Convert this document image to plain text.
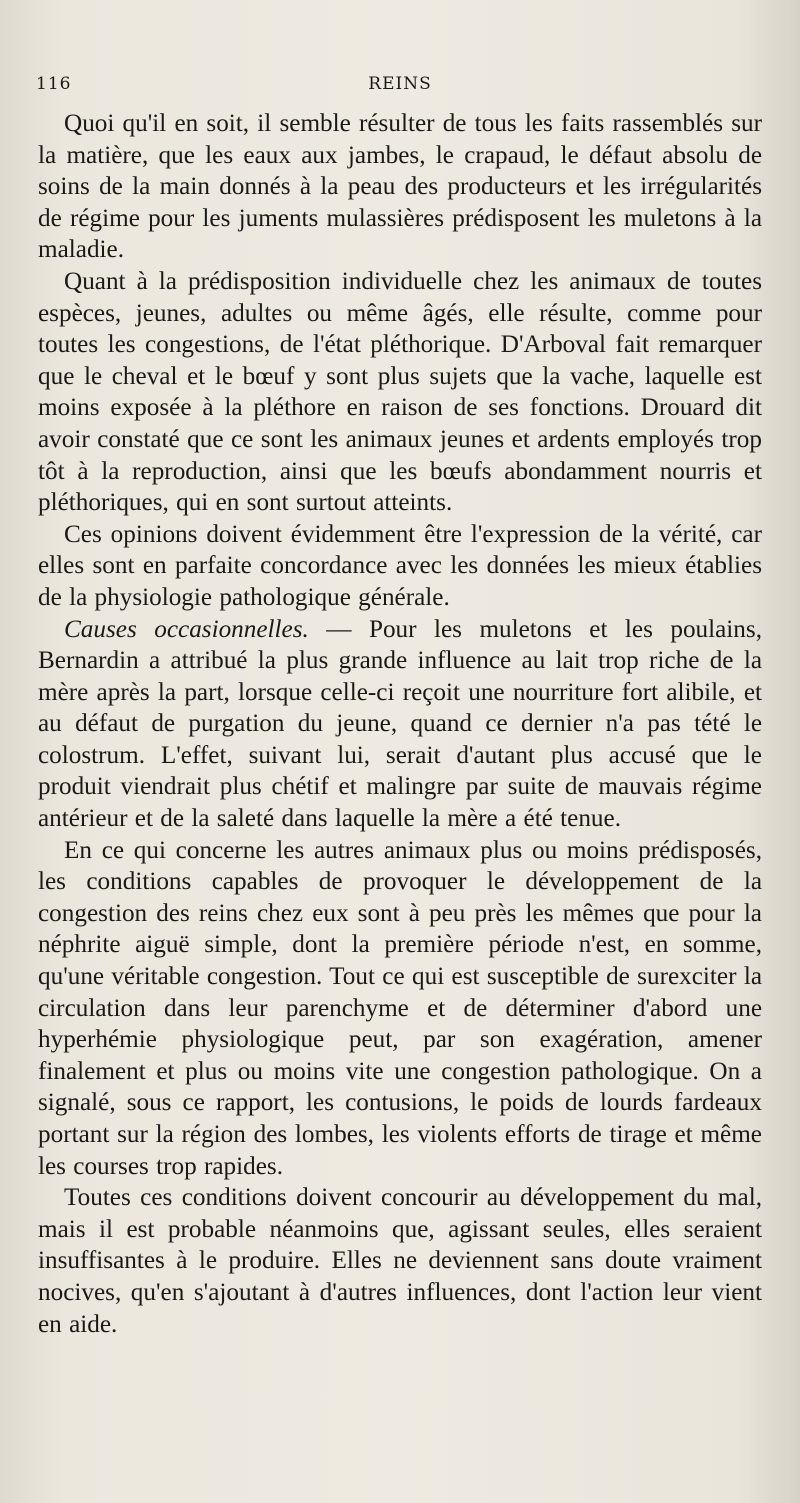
116	REINS

Quoi qu'il en soit, il semble résulter de tous les faits rassemblés sur la matière, que les eaux aux jambes, le crapaud, le défaut absolu de soins de la main donnés à la peau des producteurs et les irrégularités de régime pour les juments mulassières prédisposent les muletons à la maladie.

Quant à la prédisposition individuelle chez les animaux de toutes espèces, jeunes, adultes ou même âgés, elle résulte, comme pour toutes les congestions, de l'état pléthorique. D'Arboval fait remarquer que le cheval et le bœuf y sont plus sujets que la vache, laquelle est moins exposée à la pléthore en raison de ses fonctions. Drouard dit avoir constaté que ce sont les animaux jeunes et ardents employés trop tôt à la reproduction, ainsi que les bœufs abondamment nourris et pléthoriques, qui en sont surtout atteints.

Ces opinions doivent évidemment être l'expression de la vérité, car elles sont en parfaite concordance avec les données les mieux établies de la physiologie pathologique générale.

Causes occasionnelles. — Pour les muletons et les poulains, Bernardin a attribué la plus grande influence au lait trop riche de la mère après la part, lorsque celle-ci reçoit une nourriture fort alibile, et au défaut de purgation du jeune, quand ce dernier n'a pas tété le colostrum. L'effet, suivant lui, serait d'autant plus accusé que le produit viendrait plus chétif et malingre par suite de mauvais régime antérieur et de la saleté dans laquelle la mère a été tenue.

En ce qui concerne les autres animaux plus ou moins prédisposés, les conditions capables de provoquer le développement de la congestion des reins chez eux sont à peu près les mêmes que pour la néphrite aiguë simple, dont la première période n'est, en somme, qu'une véritable congestion. Tout ce qui est susceptible de surexciter la circulation dans leur parenchyme et de déterminer d'abord une hyperhémie physiologique peut, par son exagération, amener finalement et plus ou moins vite une congestion pathologique. On a signalé, sous ce rapport, les contusions, le poids de lourds fardeaux portant sur la région des lombes, les violents efforts de tirage et même les courses trop rapides.

Toutes ces conditions doivent concourir au développement du mal, mais il est probable néanmoins que, agissant seules, elles seraient insuffisantes à le produire. Elles ne deviennent sans doute vraiment nocives, qu'en s'ajoutant à d'autres influences, dont l'action leur vient en aide.
